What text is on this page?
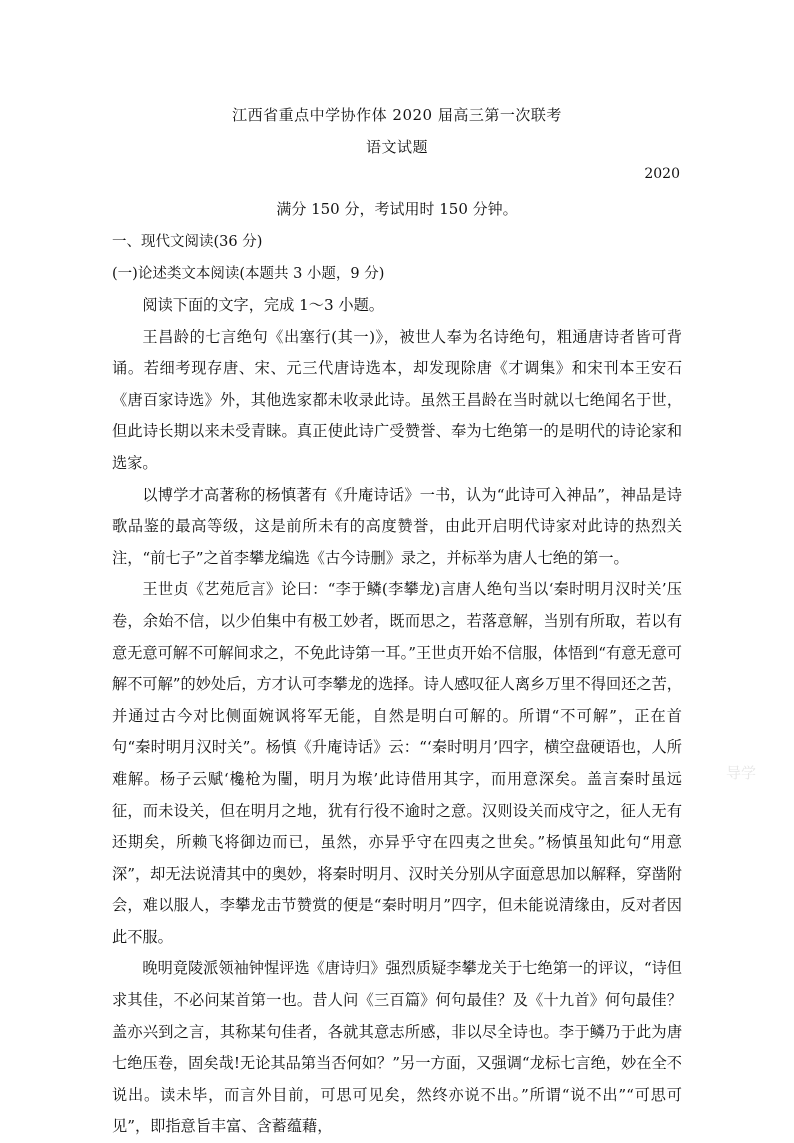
江西省重点中学协作体 2020 届高三第一次联考
语文试题
2020
满分 150 分，考试用时 150 分钟。
一、现代文阅读(36 分)
(一)论述类文本阅读(本题共 3 小题，9 分)

阅读下面的文字，完成 1～3 小题。

王昌龄的七言绝句《出塞行(其一)》，被世人奉为名诗绝句，粗通唐诗者皆可背诵。若细考现存唐、宋、元三代唐诗选本，却发现除唐《才调集》和宋刊本王安石《唐百家诗选》外，其他选家都未收录此诗。虽然王昌龄在当时就以七绝闻名于世，但此诗长期以来未受青睐。真正使此诗广受赞誉、奉为七绝第一的是明代的诗论家和选家。

以博学才高著称的杨慎著有《升庵诗话》一书，认为“此诗可入神品”，神品是诗歌品鉴的最高等级，这是前所未有的高度赞誉，由此开启明代诗家对此诗的热烈关注，“前七子”之首李攀龙编选《古今诗删》录之，并标举为唐人七绝的第一。

王世贞《艺苑卮言》论曰：“李于鳞(李攀龙)言唐人绝句当以‘秦时明月汉时关’压卷，余始不信，以少伯集中有极工妙者，既而思之，若落意解，当别有所取，若以有意无意可解不可解间求之，不免此诗第一耳。”王世贞开始不信服，体悟到“有意无意可解不可解”的妙处后，方才认可李攀龙的选择。诗人感叹征人离乡万里不得回还之苦，并通过古今对比侧面婉讽将军无能，自然是明白可解的。所谓“不可解”，正在首句“秦时明月汉时关”。杨慎《升庵诗话》云：“‘秦时明月’四字，横空盘硬语也，人所难解。杨子云赋‘欃枪为闉，明月为堠’此诗借用其字，而用意深矣。盖言秦时虽远征，而未设关，但在明月之地，犹有行役不逾时之意。汉则设关而戍守之，征人无有还期矣，所赖飞将御边而已，虽然，亦异乎守在四夷之世矣。”杨慎虽知此句“用意深”，却无法说清其中的奥妙，将秦时明月、汉时关分别从字面意思加以解释，穿凿附会，难以服人，李攀龙击节赞赏的便是“秦时明月”四字，但未能说清缘由，反对者因此不服。

晚明竟陵派领袖钟惺评选《唐诗归》强烈质疑李攀龙关于七绝第一的评议，“诗但求其佳，不必问某首第一也。昔人问《三百篇》何句最佳？及《十九首》何句最佳？盖亦兴到之言，其称某句佳者，各就其意志所感，非以尽全诗也。李于鳞乃于此为唐七绝压卷，固矣哉!无论其品第当否何如？”另一方面，又强调“龙标七言绝，妙在全不说出。读未毕，而言外目前，可思可见矣，然终亦说不出。”所谓“说不出”“可思可见”，即指意旨丰富、含蓄蕴藉，

导学
